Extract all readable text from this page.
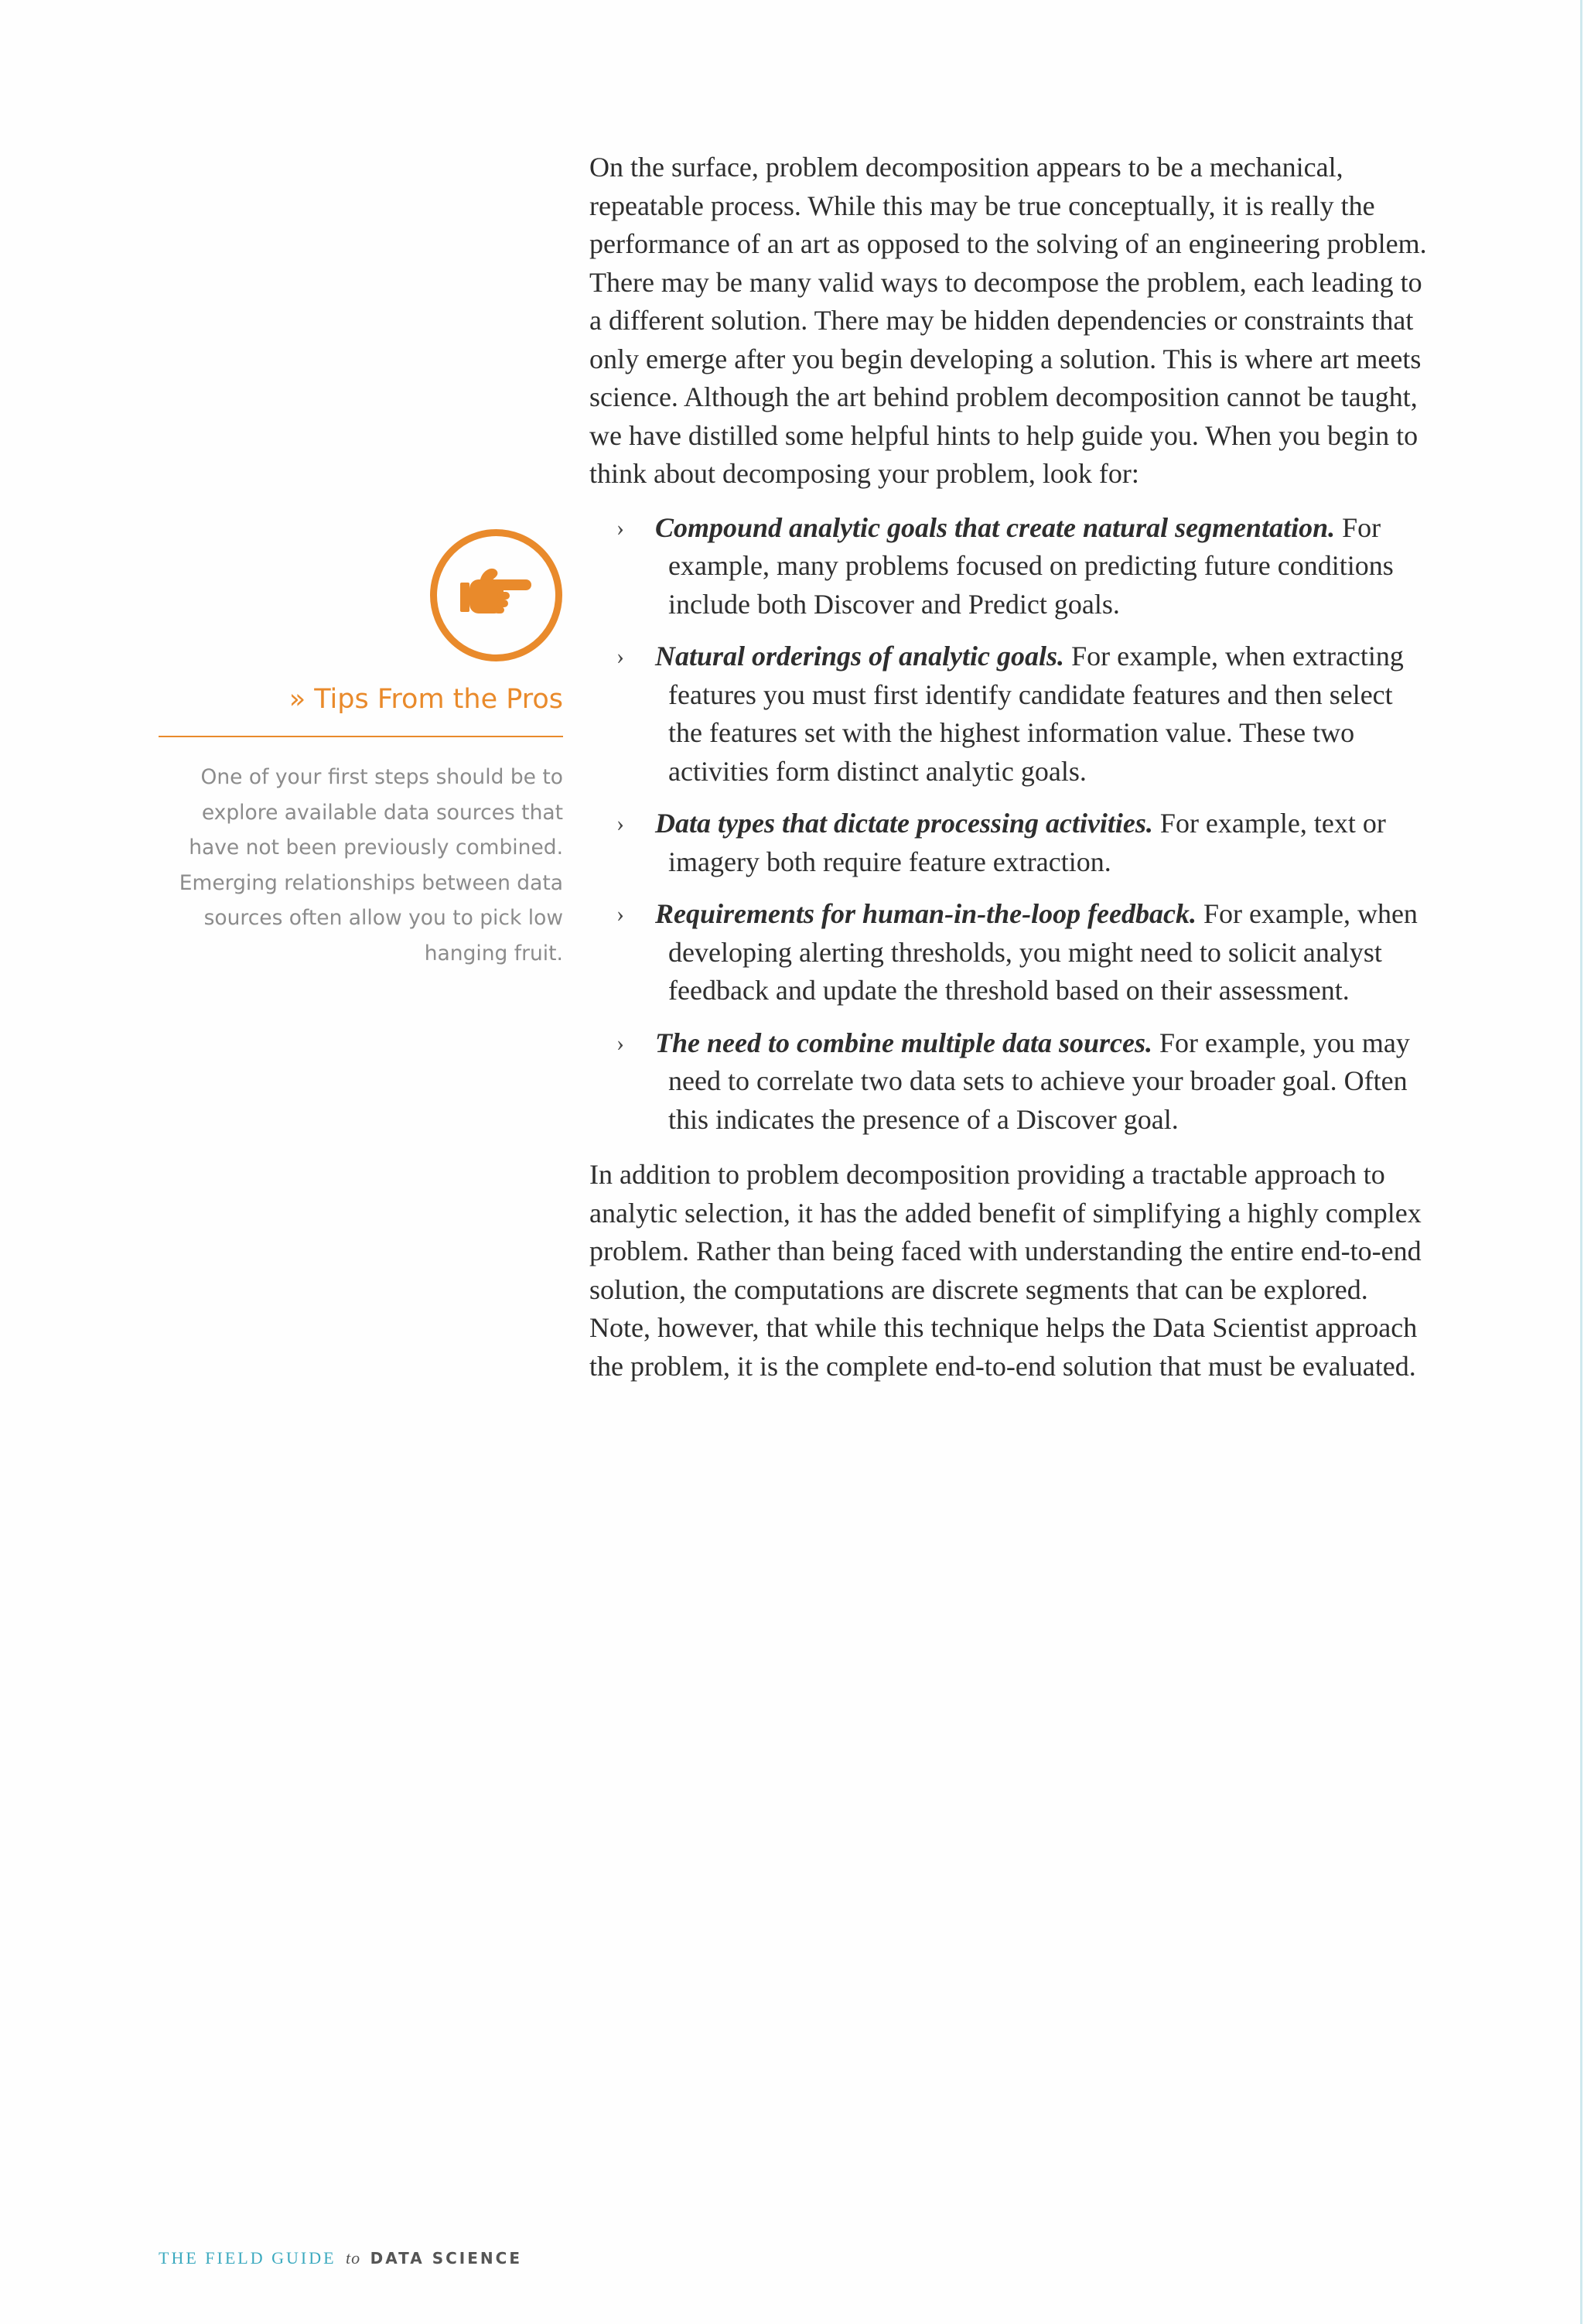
» Tips From the Pros

One of your first steps should be to explore available data sources that have not been previously combined. Emerging relationships between data sources often allow you to pick low hanging fruit.

On the surface, problem decomposition appears to be a mechanical, repeatable process. While this may be true conceptually, it is really the performance of an art as opposed to the solving of an engineering problem. There may be many valid ways to decompose the problem, each leading to a different solution. There may be hidden dependencies or constraints that only emerge after you begin developing a solution. This is where art meets science. Although the art behind problem decomposition cannot be taught, we have distilled some helpful hints to help guide you. When you begin to think about decomposing your problem, look for:

› Compound analytic goals that create natural segmentation. For example, many problems focused on predicting future conditions include both Discover and Predict goals.
› Natural orderings of analytic goals. For example, when extracting features you must first identify candidate features and then select the features set with the highest information value. These two activities form distinct analytic goals.
› Data types that dictate processing activities. For example, text or imagery both require feature extraction.
› Requirements for human-in-the-loop feedback. For example, when developing alerting thresholds, you might need to solicit analyst feedback and update the threshold based on their assessment.
› The need to combine multiple data sources. For example, you may need to correlate two data sets to achieve your broader goal. Often this indicates the presence of a Discover goal.

In addition to problem decomposition providing a tractable approach to analytic selection, it has the added benefit of simplifying a highly complex problem. Rather than being faced with understanding the entire end-to-end solution, the computations are discrete segments that can be explored. Note, however, that while this technique helps the Data Scientist approach the problem, it is the complete end-to-end solution that must be evaluated.

THE FIELD GUIDE to DATA SCIENCE
